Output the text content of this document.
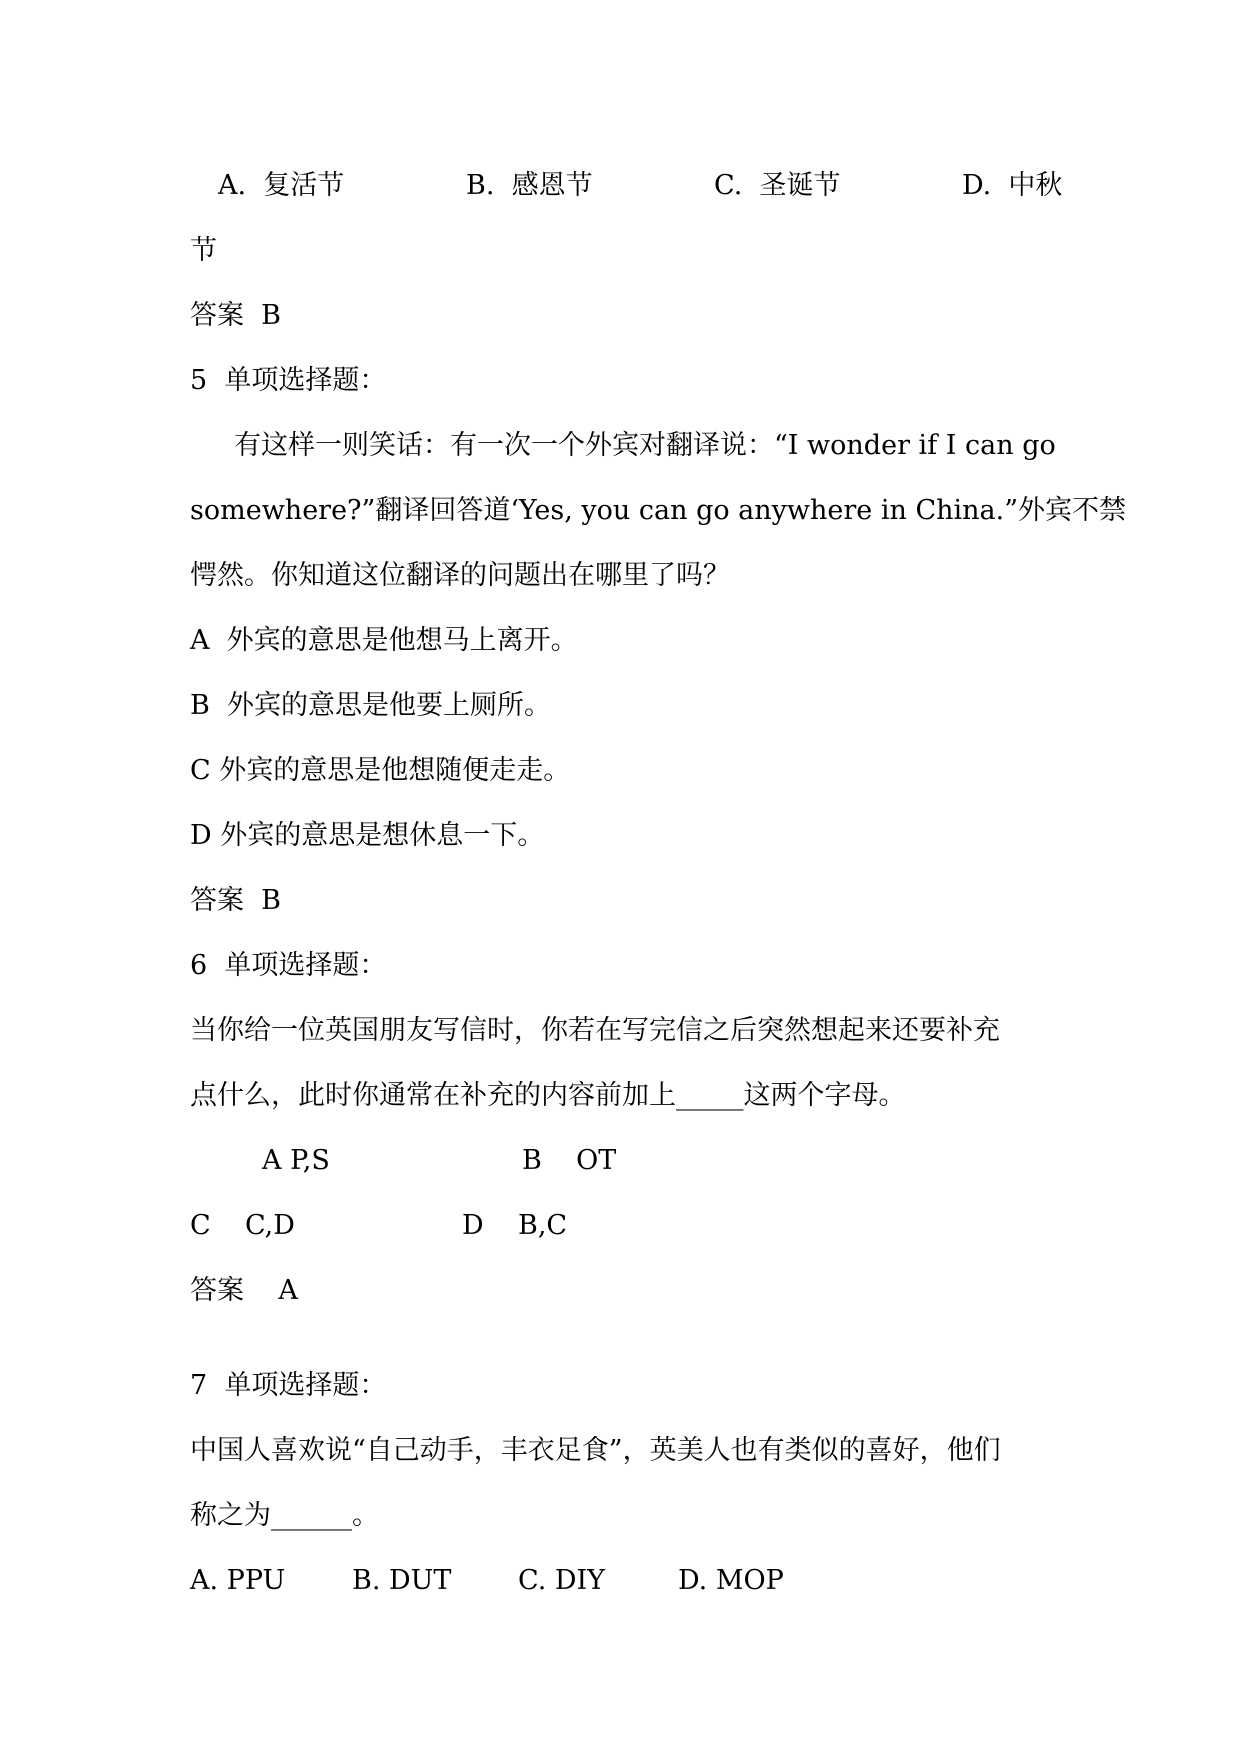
A.  复活节	B.  感恩节	C.  圣诞节	D.  中秋
节
答案  B
5  单项选择题：
有这样一则笑话：有一次一个外宾对翻译说：“I wonder if I can go
somewhere?”翻译回答道‘Yes, you can go anywhere in China.”外宾不禁
愕然。你知道这位翻译的问题出在哪里了吗？
A  外宾的意思是他想马上离开。
B  外宾的意思是他要上厕所。
C 外宾的意思是他想随便走走。
D 外宾的意思是想休息一下。
答案  B
6  单项选择题：
当你给一位英国朋友写信时，你若在写完信之后突然想起来还要补充
点什么，此时你通常在补充的内容前加上_____这两个字母。
A P,S	B    OT
C    C,D	D    B,C
答案    A
7  单项选择题：
中国人喜欢说“自己动手，丰衣足食”，英美人也有类似的喜好，他们
称之为______。
A. PPU B. DUT C. DIY	D. MOP
